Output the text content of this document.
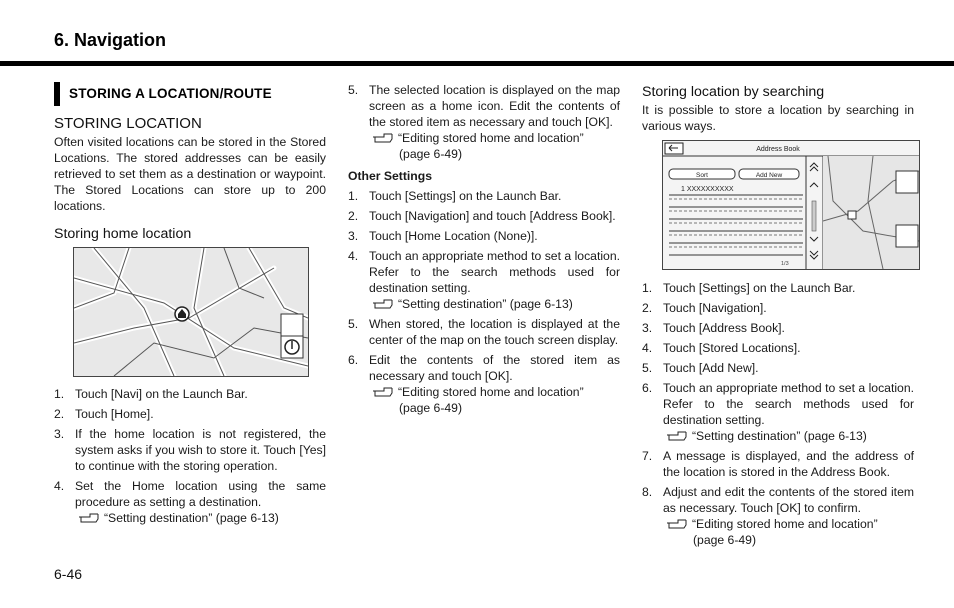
6. Navigation
STORING A LOCATION/ROUTE
STORING LOCATION

Often visited locations can be stored in the Stored Locations. The stored addresses can be easily retrieved to set them as a destination or waypoint. The Stored Locations can store up to 200 locations.

Storing home location
1. Touch [Navi] on the Launch Bar.
2. Touch [Home].
3. If the home location is not registered, the system asks if you wish to store it. Touch [Yes] to continue with the storing operation.
4. Set the Home location using the same procedure as setting a destination.
“Setting destination” (page 6-13)
5. The selected location is displayed on the map screen as a home icon. Edit the contents of the stored item as necessary and touch [OK].
“Editing stored home and location”
(page 6-49)
Other Settings
1. Touch [Settings] on the Launch Bar.
2. Touch [Navigation] and touch [Address Book].
3. Touch [Home Location (None)].
4. Touch an appropriate method to set a location. Refer to the search methods used for destination setting.
“Setting destination” (page 6-13)
5. When stored, the location is displayed at the center of the map on the touch screen display.
6. Edit the contents of the stored item as necessary and touch [OK].
“Editing stored home and location”
(page 6-49)
Storing location by searching

It is possible to store a location by searching in various ways.

Address Book
Sort	Add New
1 XXXXXXXXXX
1/3
1. Touch [Settings] on the Launch Bar.
2. Touch [Navigation].
3. Touch [Address Book].
4. Touch [Stored Locations].
5. Touch [Add New].
6. Touch an appropriate method to set a location. Refer to the search methods used for destination setting.
“Setting destination” (page 6-13)
7. A message is displayed, and the address of the location is stored in the Address Book.
8. Adjust and edit the contents of the stored item as necessary. Touch [OK] to confirm.
“Editing stored home and location”
(page 6-49)
6-46
